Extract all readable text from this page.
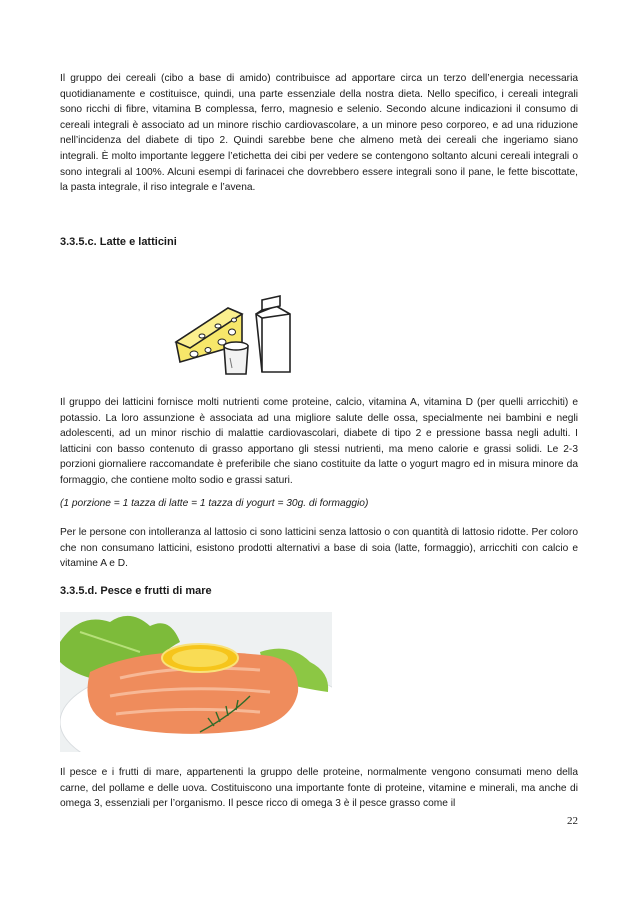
Il gruppo dei cereali (cibo a base di amido) contribuisce ad apportare circa un terzo dell’energia necessaria quotidianamente e costituisce, quindi, una parte essenziale della nostra dieta. Nello specifico, i cereali integrali sono ricchi di fibre, vitamina B complessa, ferro, magnesio e selenio. Secondo alcune indicazioni il consumo di cereali integrali è associato ad un minore rischio cardiovascolare, a un minore peso corporeo, e ad una riduzione nell’incidenza del diabete di tipo 2. Quindi sarebbe bene che almeno metà dei cereali che ingeriamo siano integrali. È molto importante leggere l’etichetta dei cibi per vedere se contengono soltanto alcuni cereali integrali o sono integrali al 100%. Alcuni esempi di farinacei che dovrebbero essere integrali sono il pane, le fette biscottate, la pasta integrale, il riso integrale e l’avena.

3.3.5.c. Latte e latticini

Il gruppo dei latticini fornisce molti nutrienti come proteine, calcio, vitamina A, vitamina D (per quelli arricchiti) e potassio. La loro assunzione è associata ad una migliore salute delle ossa, specialmente nei bambini e negli adolescenti, ad un minor rischio di malattie cardiovascolari, diabete di tipo 2 e pressione bassa negli adulti. I latticini con basso contenuto di grasso apportano gli stessi nutrienti, ma meno calorie e grassi solidi. Le 2-3 porzioni giornaliere raccomandate è preferibile che siano costituite da latte o yogurt magro ed in misura minore da formaggio, che contiene molto sodio e grassi saturi.

(1 porzione = 1 tazza di latte = 1 tazza di yogurt = 30g. di formaggio)

Per le persone con intolleranza al lattosio ci sono latticini senza lattosio o con quantità di lattosio ridotte. Per coloro che non consumano latticini, esistono prodotti alternativi a base di soia (latte, formaggio), arricchiti con calcio e vitamine A e D.

3.3.5.d. Pesce e frutti di mare

Il pesce e i frutti di mare, appartenenti la gruppo delle proteine, normalmente vengono consumati meno della carne, del pollame e delle uova. Costituiscono una importante fonte di proteine, vitamine e minerali, ma anche di omega 3, essenziali per l’organismo. Il pesce ricco di omega 3 è il pesce grasso come il

22
